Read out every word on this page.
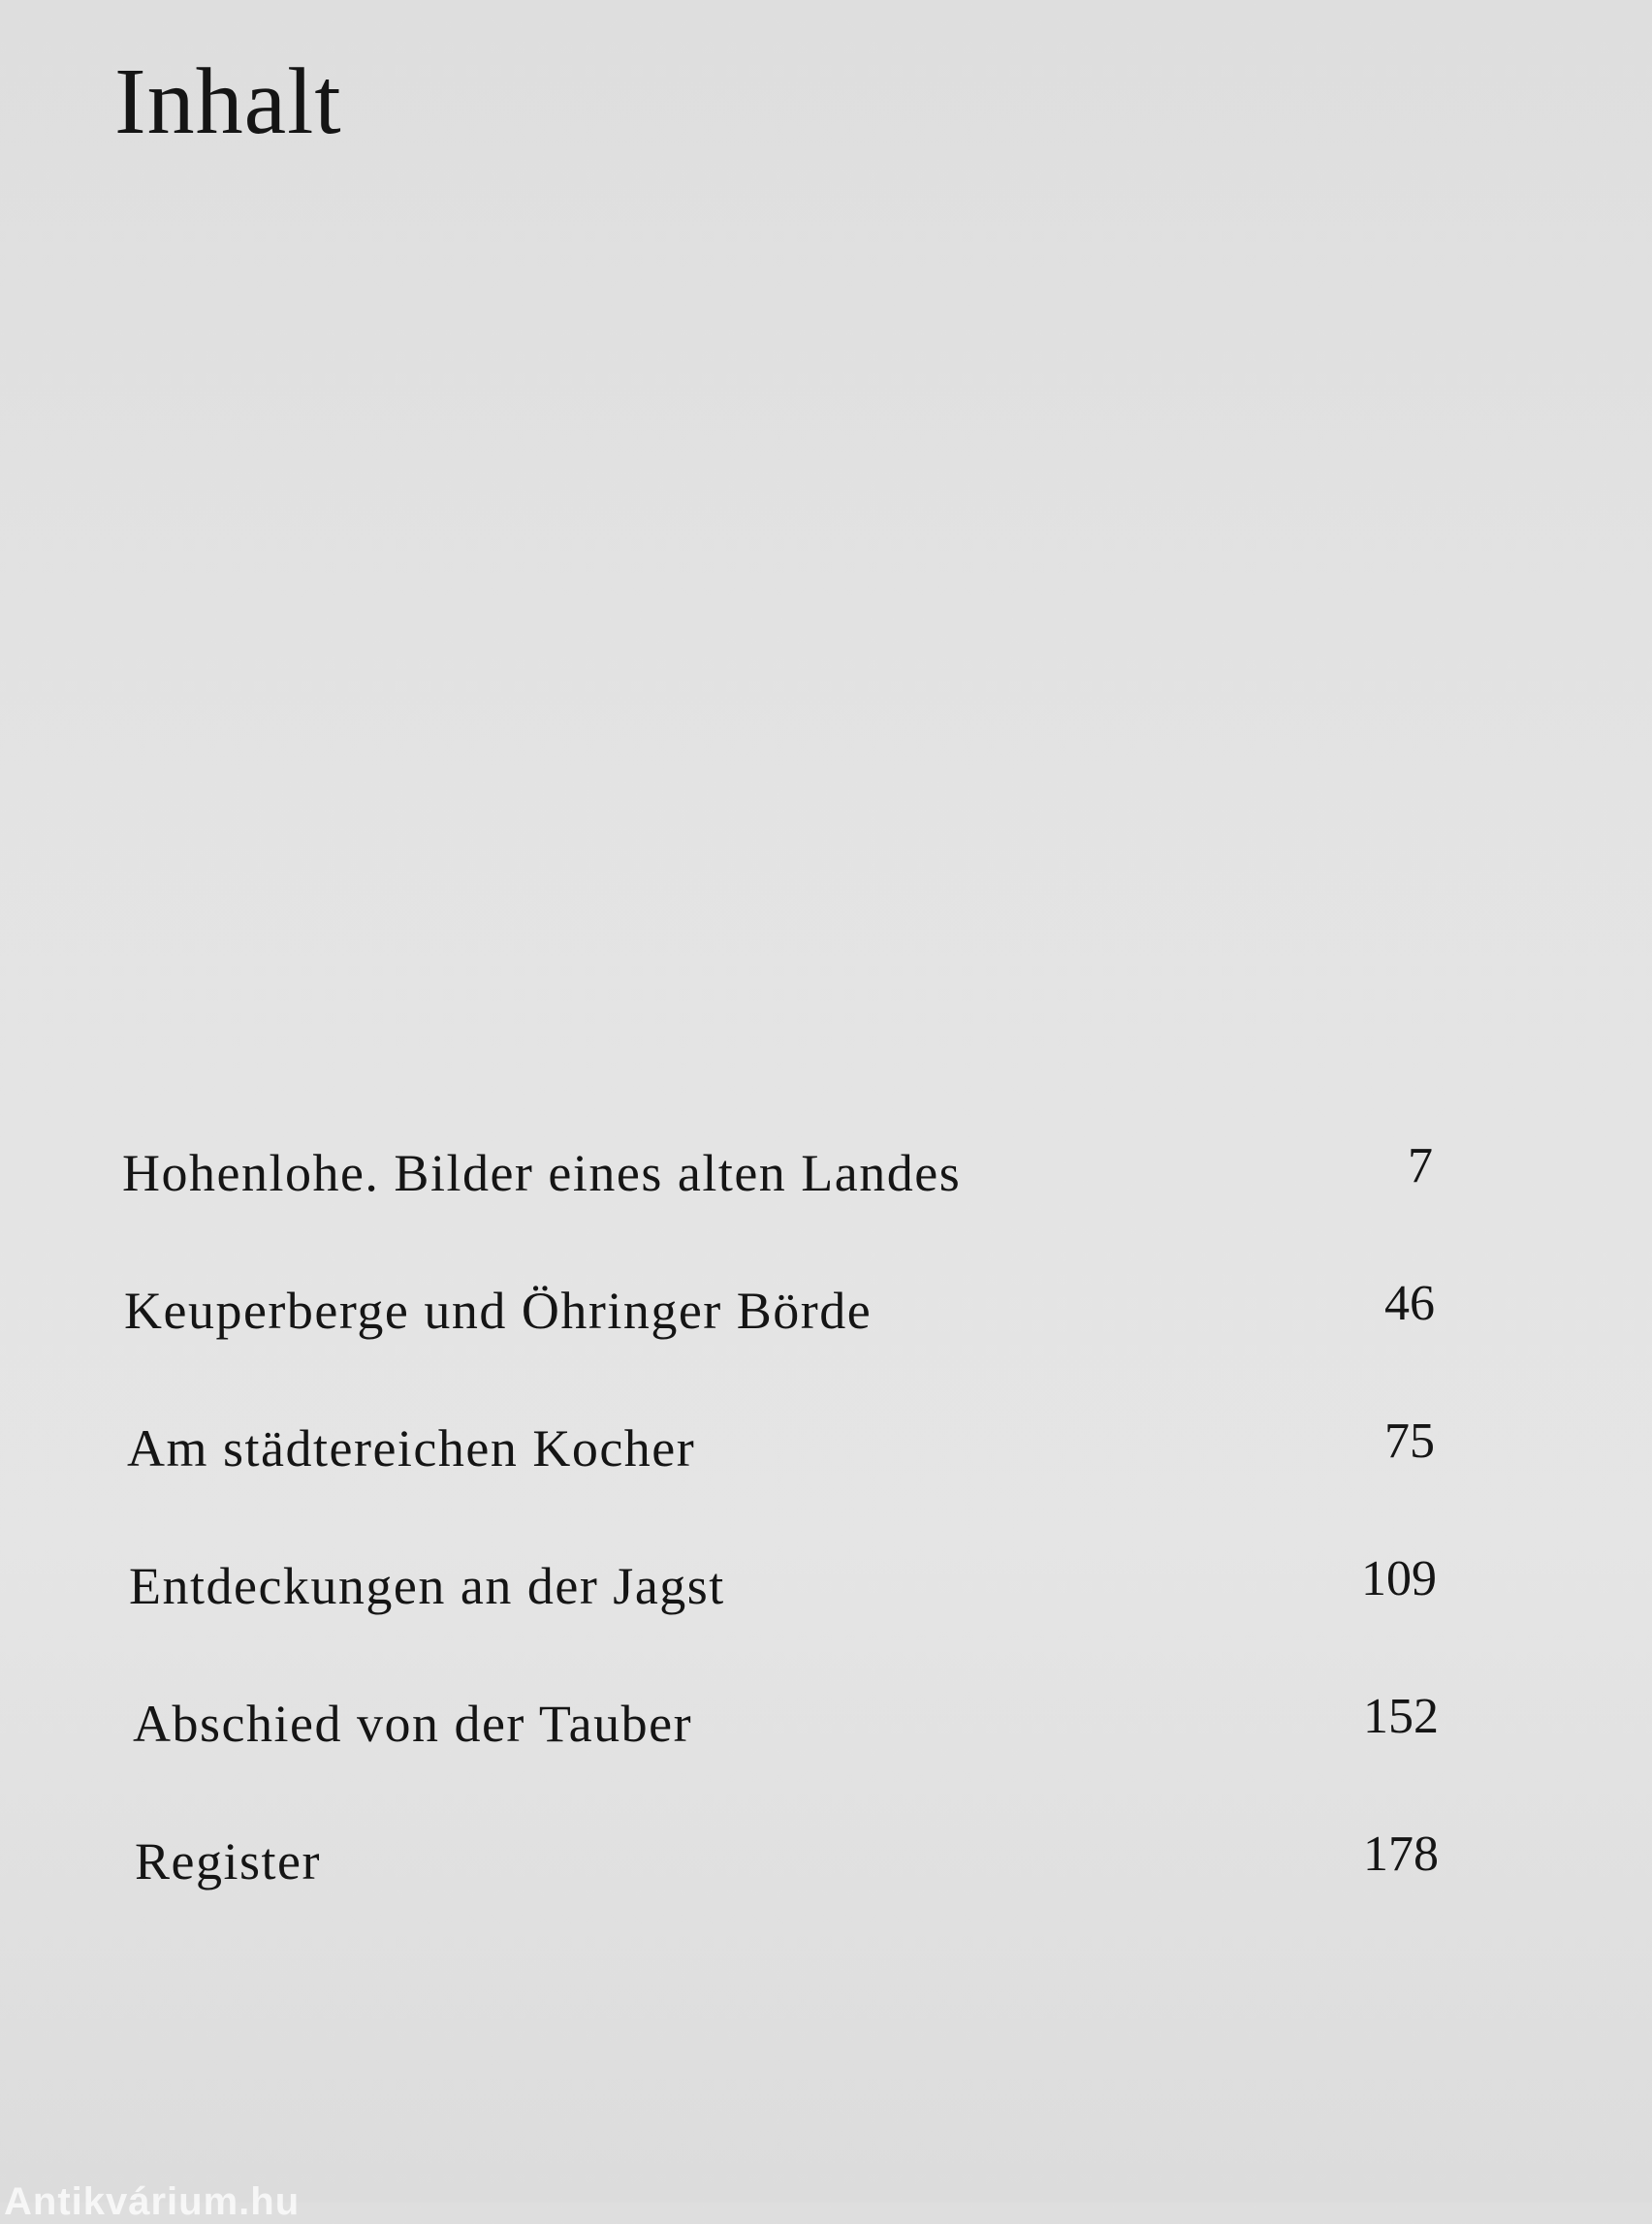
Inhalt
Hohenlohe. Bilder eines alten Landes	7
Keuperberge und Öhringer Börde	46
Am städtereichen Kocher	75
Entdeckungen an der Jagst	109
Abschied von der Tauber	152
Register	178
Antikvárium.hu
